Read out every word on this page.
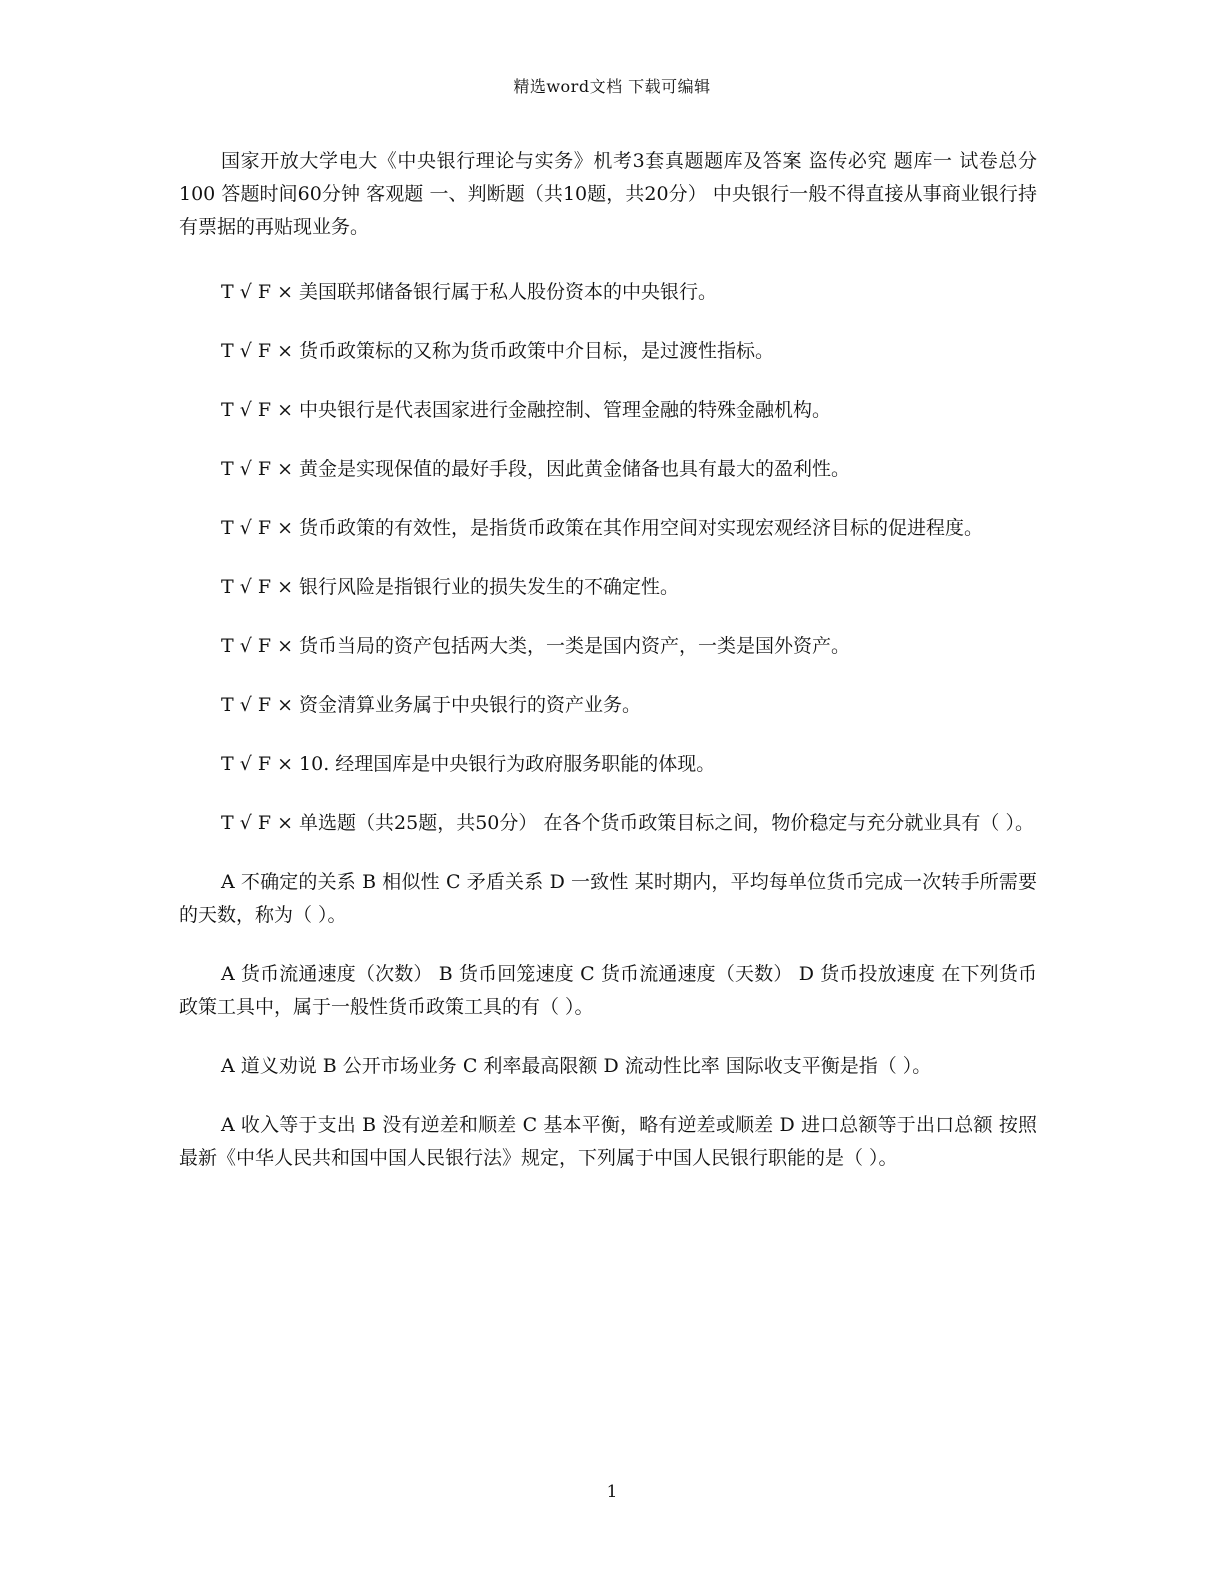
精选word文档 下载可编辑

国家开放大学电大《中央银行理论与实务》机考3套真题题库及答案 盗传必究 题库一 试卷总分100 答题时间60分钟 客观题 一、判断题（共10题，共20分） 中央银行一般不得直接从事商业银行持有票据的再贴现业务。

T √ F × 美国联邦储备银行属于私人股份资本的中央银行。

T √ F × 货币政策标的又称为货币政策中介目标，是过渡性指标。

T √ F × 中央银行是代表国家进行金融控制、管理金融的特殊金融机构。

T √ F × 黄金是实现保值的最好手段，因此黄金储备也具有最大的盈利性。

T √ F × 货币政策的有效性，是指货币政策在其作用空间对实现宏观经济目标的促进程度。

T √ F × 银行风险是指银行业的损失发生的不确定性。

T √ F × 货币当局的资产包括两大类，一类是国内资产，一类是国外资产。

T √ F × 资金清算业务属于中央银行的资产业务。

T √ F × 10. 经理国库是中央银行为政府服务职能的体现。

T √ F × 单选题（共25题，共50分） 在各个货币政策目标之间，物价稳定与充分就业具有（ ）。

A 不确定的关系 B 相似性 C 矛盾关系 D 一致性 某时期内，平均每单位货币完成一次转手所需要的天数，称为（ ）。

A 货币流通速度（次数） B 货币回笼速度 C 货币流通速度（天数） D 货币投放速度 在下列货币政策工具中，属于一般性货币政策工具的有（ ）。

A 道义劝说 B 公开市场业务 C 利率最高限额 D 流动性比率 国际收支平衡是指（ ）。

A 收入等于支出 B 没有逆差和顺差 C 基本平衡，略有逆差或顺差 D 进口总额等于出口总额 按照最新《中华人民共和国中国人民银行法》规定，下列属于中国人民银行职能的是（ ）。

1
